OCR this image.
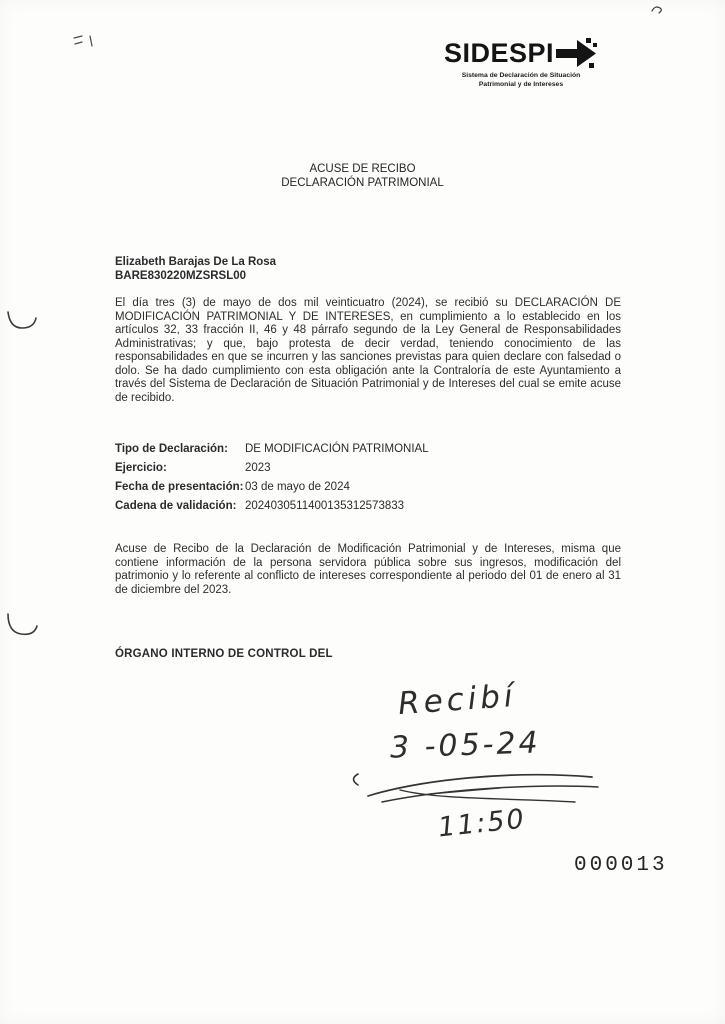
SIDESPI
Sistema de Declaración de Situación
Patrimonial y de Intereses
ACUSE DE RECIBO
DECLARACIÓN PATRIMONIAL
Elizabeth Barajas De La Rosa
BARE830220MZSRSL00
El día tres (3) de mayo de dos mil veinticuatro (2024), se recibió su DECLARACIÓN DE MODIFICACIÓN PATRIMONIAL Y DE INTERESES, en cumplimiento a lo establecido en los artículos 32, 33 fracción II, 46 y 48 párrafo segundo de la Ley General de Responsabilidades Administrativas; y que, bajo protesta de decir verdad, teniendo conocimiento de las responsabilidades en que se incurren y las sanciones previstas para quien declare con falsedad o dolo. Se ha dado cumplimiento con esta obligación ante la Contraloría de este Ayuntamiento a través del Sistema de Declaración de Situación Patrimonial y de Intereses del cual se emite acuse de recibido.
Tipo de Declaración:	DE MODIFICACIÓN PATRIMONIAL
Ejercicio:	2023
Fecha de presentación: 03 de mayo de 2024
Cadena de validación: 2024030511400135312573833
Acuse de Recibo de la Declaración de Modificación Patrimonial y de Intereses, misma que contiene información de la persona servidora pública sobre sus ingresos, modificación del patrimonio y lo referente al conflicto de intereses correspondiente al periodo del 01 de enero al 31 de diciembre del 2023.
ÓRGANO INTERNO DE CONTROL DEL
Recibí
3 -05-24
11:50
000013
